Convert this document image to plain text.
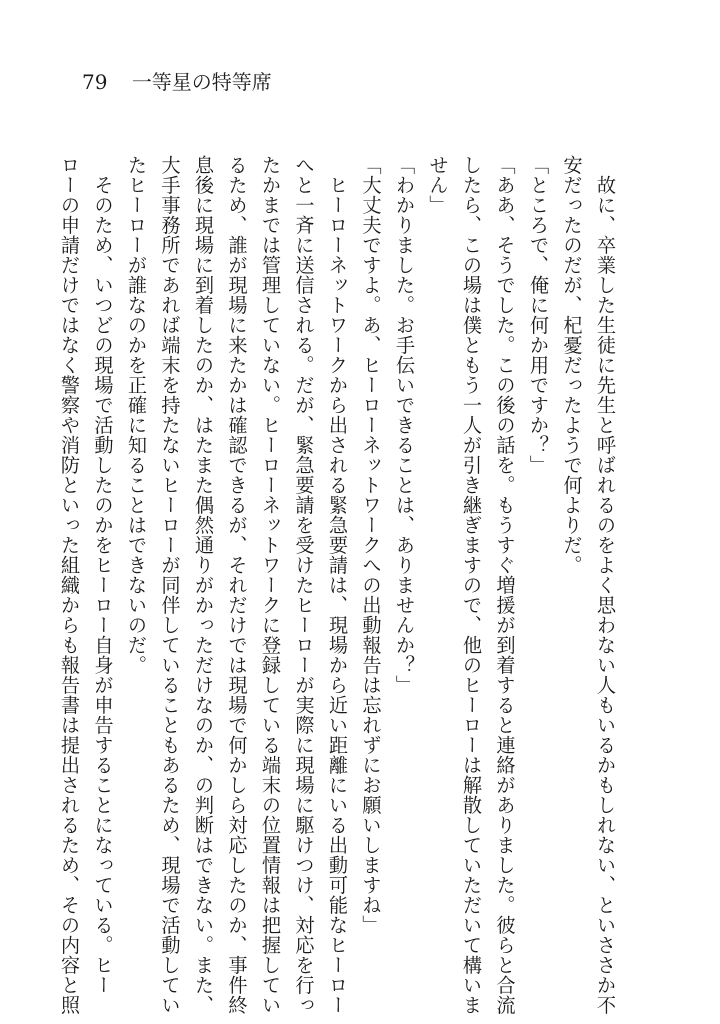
79 一等星の特等席
　故に、卒業した生徒に先生と呼ばれるのをよく思わない人もいるかもしれない、といささか不
安だったのだが、杞憂だったようで何よりだ。
「ところで、俺に何か用ですか？」
「ああ、そうでした。この後の話を。もうすぐ増援が到着すると連絡がありました。彼らと合流
したら、この場は僕ともう一人が引き継ぎますので、他のヒーローは解散していただいて構いま
せん」
「わかりました。お手伝いできることは、ありませんか？」
「大丈夫ですよ。あ、ヒーローネットワークへの出動報告は忘れずにお願いしますね」
　ヒーローネットワークから出される緊急要請は、現場から近い距離にいる出動可能なヒーロー
へと一斉に送信される。だが、緊急要請を受けたヒーローが実際に現場に駆けつけ、対応を行っ
たかまでは管理していない。ヒーローネットワークに登録している端末の位置情報は把握してい
るため、誰が現場に来たかは確認できるが、それだけでは現場で何かしら対応したのか、事件終
息後に現場に到着したのか、はたまた偶然通りがかっただけなのか、の判断はできない。また、
大手事務所であれば端末を持たないヒーローが同伴していることもあるため、現場で活動してい
たヒーローが誰なのかを正確に知ることはできないのだ。
　そのため、いつどの現場で活動したのかをヒーロー自身が申告することになっている。ヒー
ローの申請だけではなく警察や消防といった組織からも報告書は提出されるため、その内容と照
